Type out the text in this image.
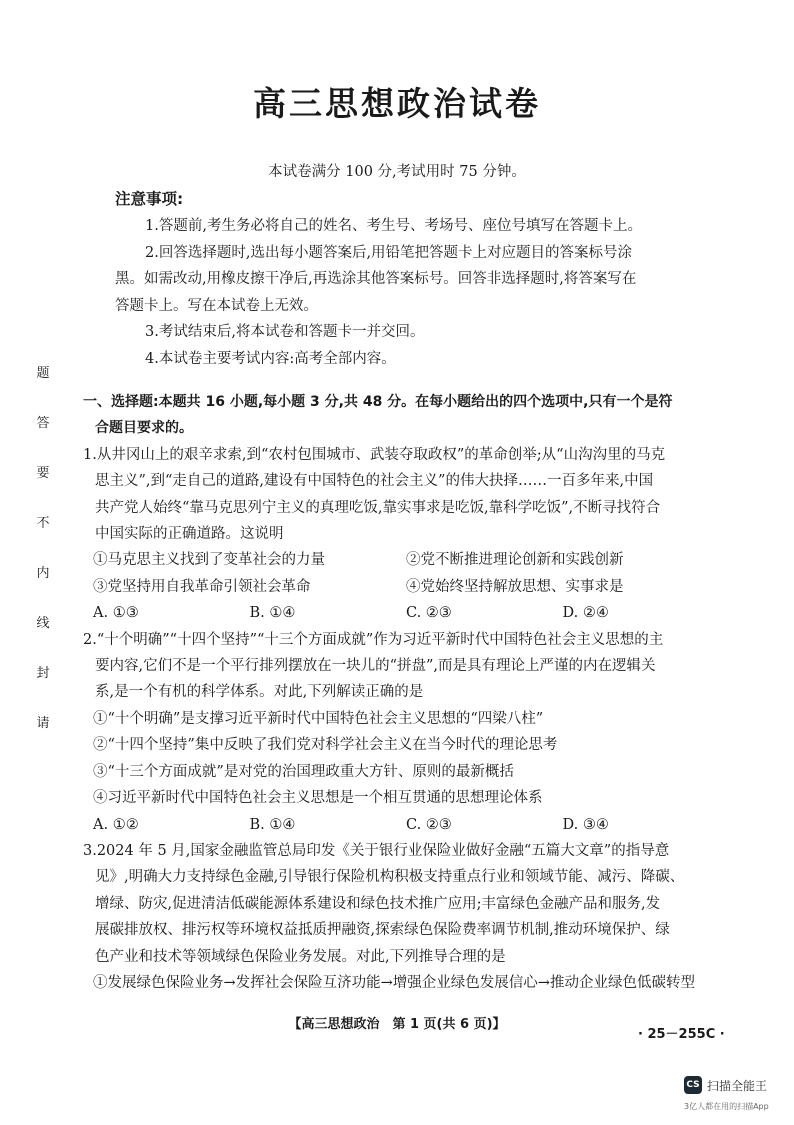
高三思想政治试卷
本试卷满分 100 分,考试用时 75 分钟。
注意事项:

1.答题前,考生务必将自己的姓名、考生号、考场号、座位号填写在答题卡上。

2.回答选择题时,选出每小题答案后,用铅笔把答题卡上对应题目的答案标号涂

黑。如需改动,用橡皮擦干净后,再选涂其他答案标号。回答非选择题时,将答案写在

答题卡上。写在本试卷上无效。

3.考试结束后,将本试卷和答题卡一并交回。

4.本试卷主要考试内容:高考全部内容。

请
封
线
内
不
要
答
题

一、选择题:本题共 16 小题,每小题 3 分,共 48 分。在每小题给出的四个选项中,只有一个是符

合题目要求的。

1.从井冈山上的艰辛求索,到“农村包围城市、武装夺取政权”的革命创举;从“山沟沟里的马克

思主义”,到“走自己的道路,建设有中国特色的社会主义”的伟大抉择……一百多年来,中国

共产党人始终“靠马克思列宁主义的真理吃饭,靠实事求是吃饭,靠科学吃饭”,不断寻找符合

中国实际的正确道路。这说明

①马克思主义找到了变革社会的力量	②党不断推进理论创新和实践创新
③党坚持用自我革命引领社会革命	④党始终坚持解放思想、实事求是
A. ①③	B. ①④	C. ②③	D. ②④

2.“十个明确”“十四个坚持”“十三个方面成就”作为习近平新时代中国特色社会主义思想的主

要内容,它们不是一个平行排列摆放在一块儿的“拼盘”,而是具有理论上严谨的内在逻辑关

系,是一个有机的科学体系。对此,下列解读正确的是

①“十个明确”是支撑习近平新时代中国特色社会主义思想的“四梁八柱”

②“十四个坚持”集中反映了我们党对科学社会主义在当今时代的理论思考

③“十三个方面成就”是对党的治国理政重大方针、原则的最新概括

④习近平新时代中国特色社会主义思想是一个相互贯通的思想理论体系

A. ①②	B. ①④	C. ②③	D. ③④

3.2024 年 5 月,国家金融监管总局印发《关于银行业保险业做好金融“五篇大文章”的指导意

见》,明确大力支持绿色金融,引导银行保险机构积极支持重点行业和领域节能、减污、降碳、

增绿、防灾,促进清洁低碳能源体系建设和绿色技术推广应用;丰富绿色金融产品和服务,发

展碳排放权、排污权等环境权益抵质押融资,探索绿色保险费率调节机制,推动环境保护、绿

色产业和技术等领域绿色保险业务发展。对此,下列推导合理的是

①发展绿色保险业务→发挥社会保险互济功能→增强企业绿色发展信心→推动企业绿色低碳转型

【高三思想政治　第 1 页(共 6 页)】
· 25－255C ·
CS 扫描全能王
3亿人都在用的扫描App
